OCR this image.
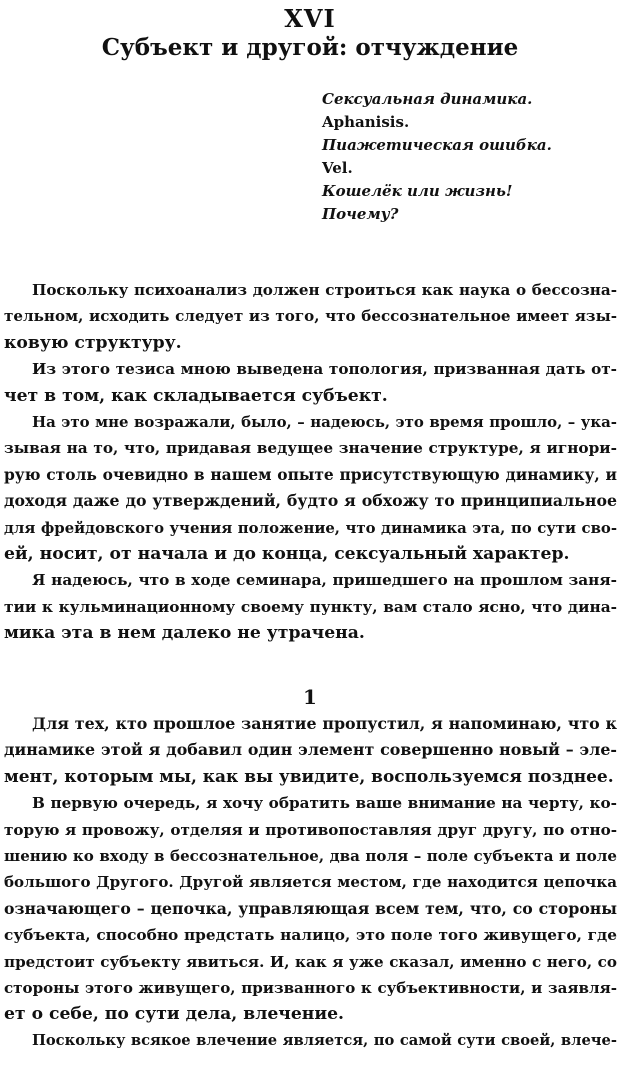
XVI
Субъект и другой: отчуждение
Сексуальная динамика.
Aphanisis.
Пиажетическая ошибка.
Vel.
Кошелёк или жизнь!
Почему?
Поскольку психоанализ должен строиться как наука о бессозна-
тельном, исходить следует из того, что бессознательное имеет язы-
ковую структуру.
Из этого тезиса мною выведена топология, призванная дать от-
чет в том, как складывается субъект.
На это мне возражали, было, – надеюсь, это время прошло, – ука-
зывая на то, что, придавая ведущее значение структуре, я игнори-
рую столь очевидно в нашем опыте присутствующую динамику, и
доходя даже до утверждений, будто я обхожу то принципиальное
для фрейдовского учения положение, что динамика эта, по сути сво-
ей, носит, от начала и до конца, сексуальный характер.
Я надеюсь, что в ходе семинара, пришедшего на прошлом заня-
тии к кульминационному своему пункту, вам стало ясно, что дина-
мика эта в нем далеко не утрачена.
1
Для тех, кто прошлое занятие пропустил, я напоминаю, что к
динамике этой я добавил один элемент совершенно новый – эле-
мент, которым мы, как вы увидите, воспользуемся позднее.
В первую очередь, я хочу обратить ваше внимание на черту, ко-
торую я провожу, отделяя и противопоставляя друг другу, по отно-
шению ко входу в бессознательное, два поля – поле субъекта и поле
большого Другого. Другой является местом, где находится цепочка
означающего – цепочка, управляющая всем тем, что, со стороны
субъекта, способно предстать налицо, это поле того живущего, где
предстоит субъекту явиться. И, как я уже сказал, именно с него, со
стороны этого живущего, призванного к субъективности, и заявля-
ет о себе, по сути дела, влечение.
Поскольку всякое влечение является, по самой сути своей, влече-
